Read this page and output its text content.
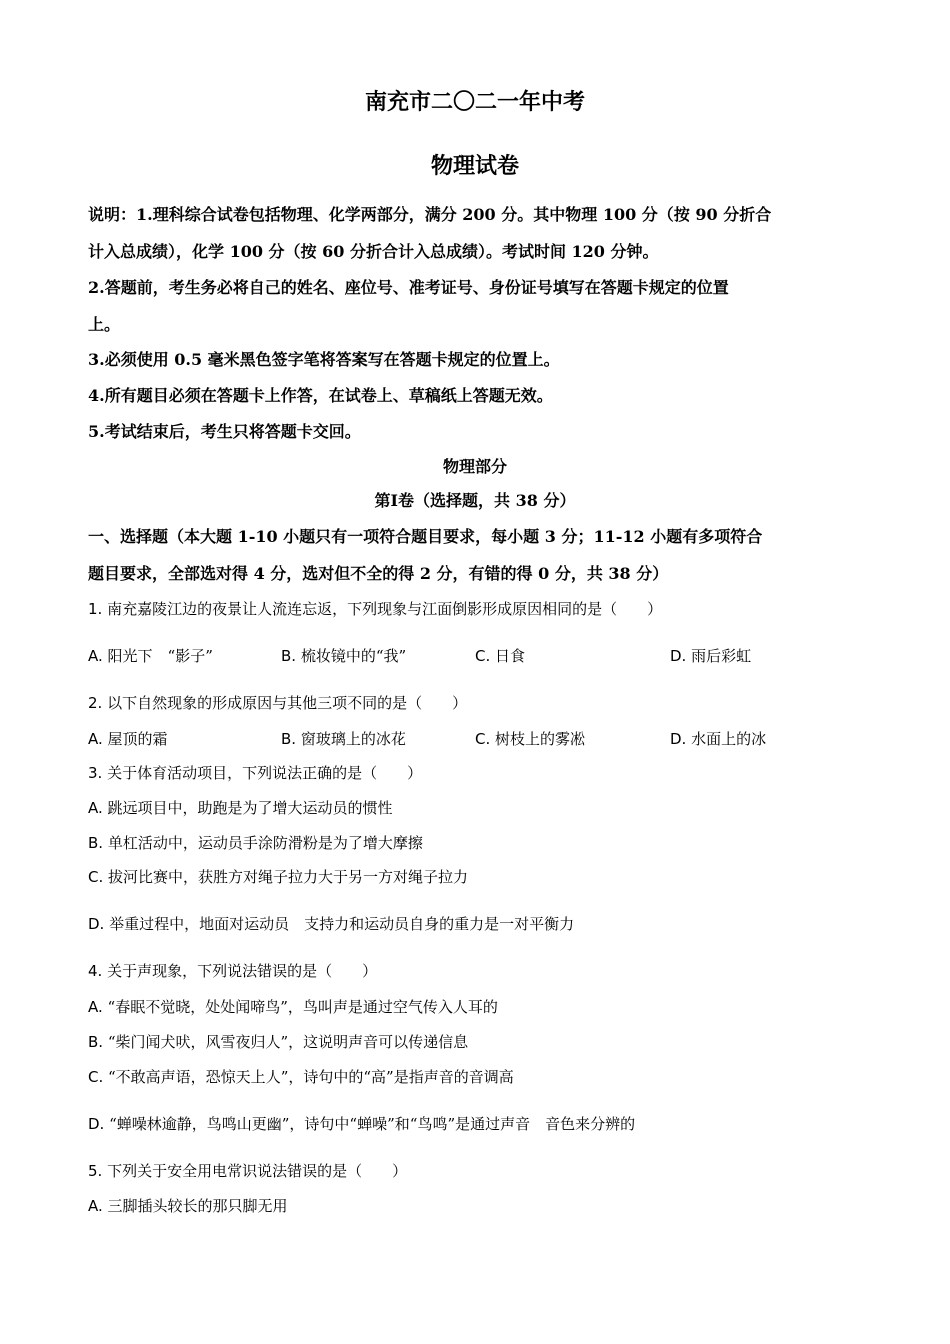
南充市二〇二一年中考
物理试卷
说明：1.理科综合试卷包括物理、化学两部分，满分 200 分。其中物理 100 分（按 90 分折合
计入总成绩），化学 100 分（按 60 分折合计入总成绩）。考试时间 120 分钟。
2.答题前，考生务必将自己的姓名、座位号、准考证号、身份证号填写在答题卡规定的位置
上。
3.必须使用 0.5 毫米黑色签字笔将答案写在答题卡规定的位置上。
4.所有题目必须在答题卡上作答，在试卷上、草稿纸上答题无效。
5.考试结束后，考生只将答题卡交回。
物理部分
第Ⅰ卷（选择题，共 38 分）
一、选择题（本大题 1-10 小题只有一项符合题目要求，每小题 3 分；11-12 小题有多项符合
题目要求，全部选对得 4 分，选对但不全的得 2 分，有错的得 0 分，共 38 分）
1. 南充嘉陵江边的夜景让人流连忘返，下列现象与江面倒影形成原因相同的是（　　）
A. 阳光下　“影子”	B. 梳妆镜中的“我”	C. 日食	D. 雨后彩虹
2. 以下自然现象的形成原因与其他三项不同的是（　　）
A. 屋顶的霜	B. 窗玻璃上的冰花	C. 树枝上的雾凇	D. 水面上的冰
3. 关于体育活动项目，下列说法正确的是（　　）
A. 跳远项目中，助跑是为了增大运动员的惯性
B. 单杠活动中，运动员手涂防滑粉是为了增大摩擦
C. 拔河比赛中，获胜方对绳子拉力大于另一方对绳子拉力
D. 举重过程中，地面对运动员　支持力和运动员自身的重力是一对平衡力
4. 关于声现象，下列说法错误的是（　　）
A. “春眠不觉晓，处处闻啼鸟”，鸟叫声是通过空气传入人耳的
B. “柴门闻犬吠，风雪夜归人”，这说明声音可以传递信息
C. “不敢高声语，恐惊天上人”，诗句中的“高”是指声音的音调高
D. “蝉噪林逾静，鸟鸣山更幽”，诗句中“蝉噪”和“鸟鸣”是通过声音　音色来分辨的
5. 下列关于安全用电常识说法错误的是（　　）
A. 三脚插头较长的那只脚无用
